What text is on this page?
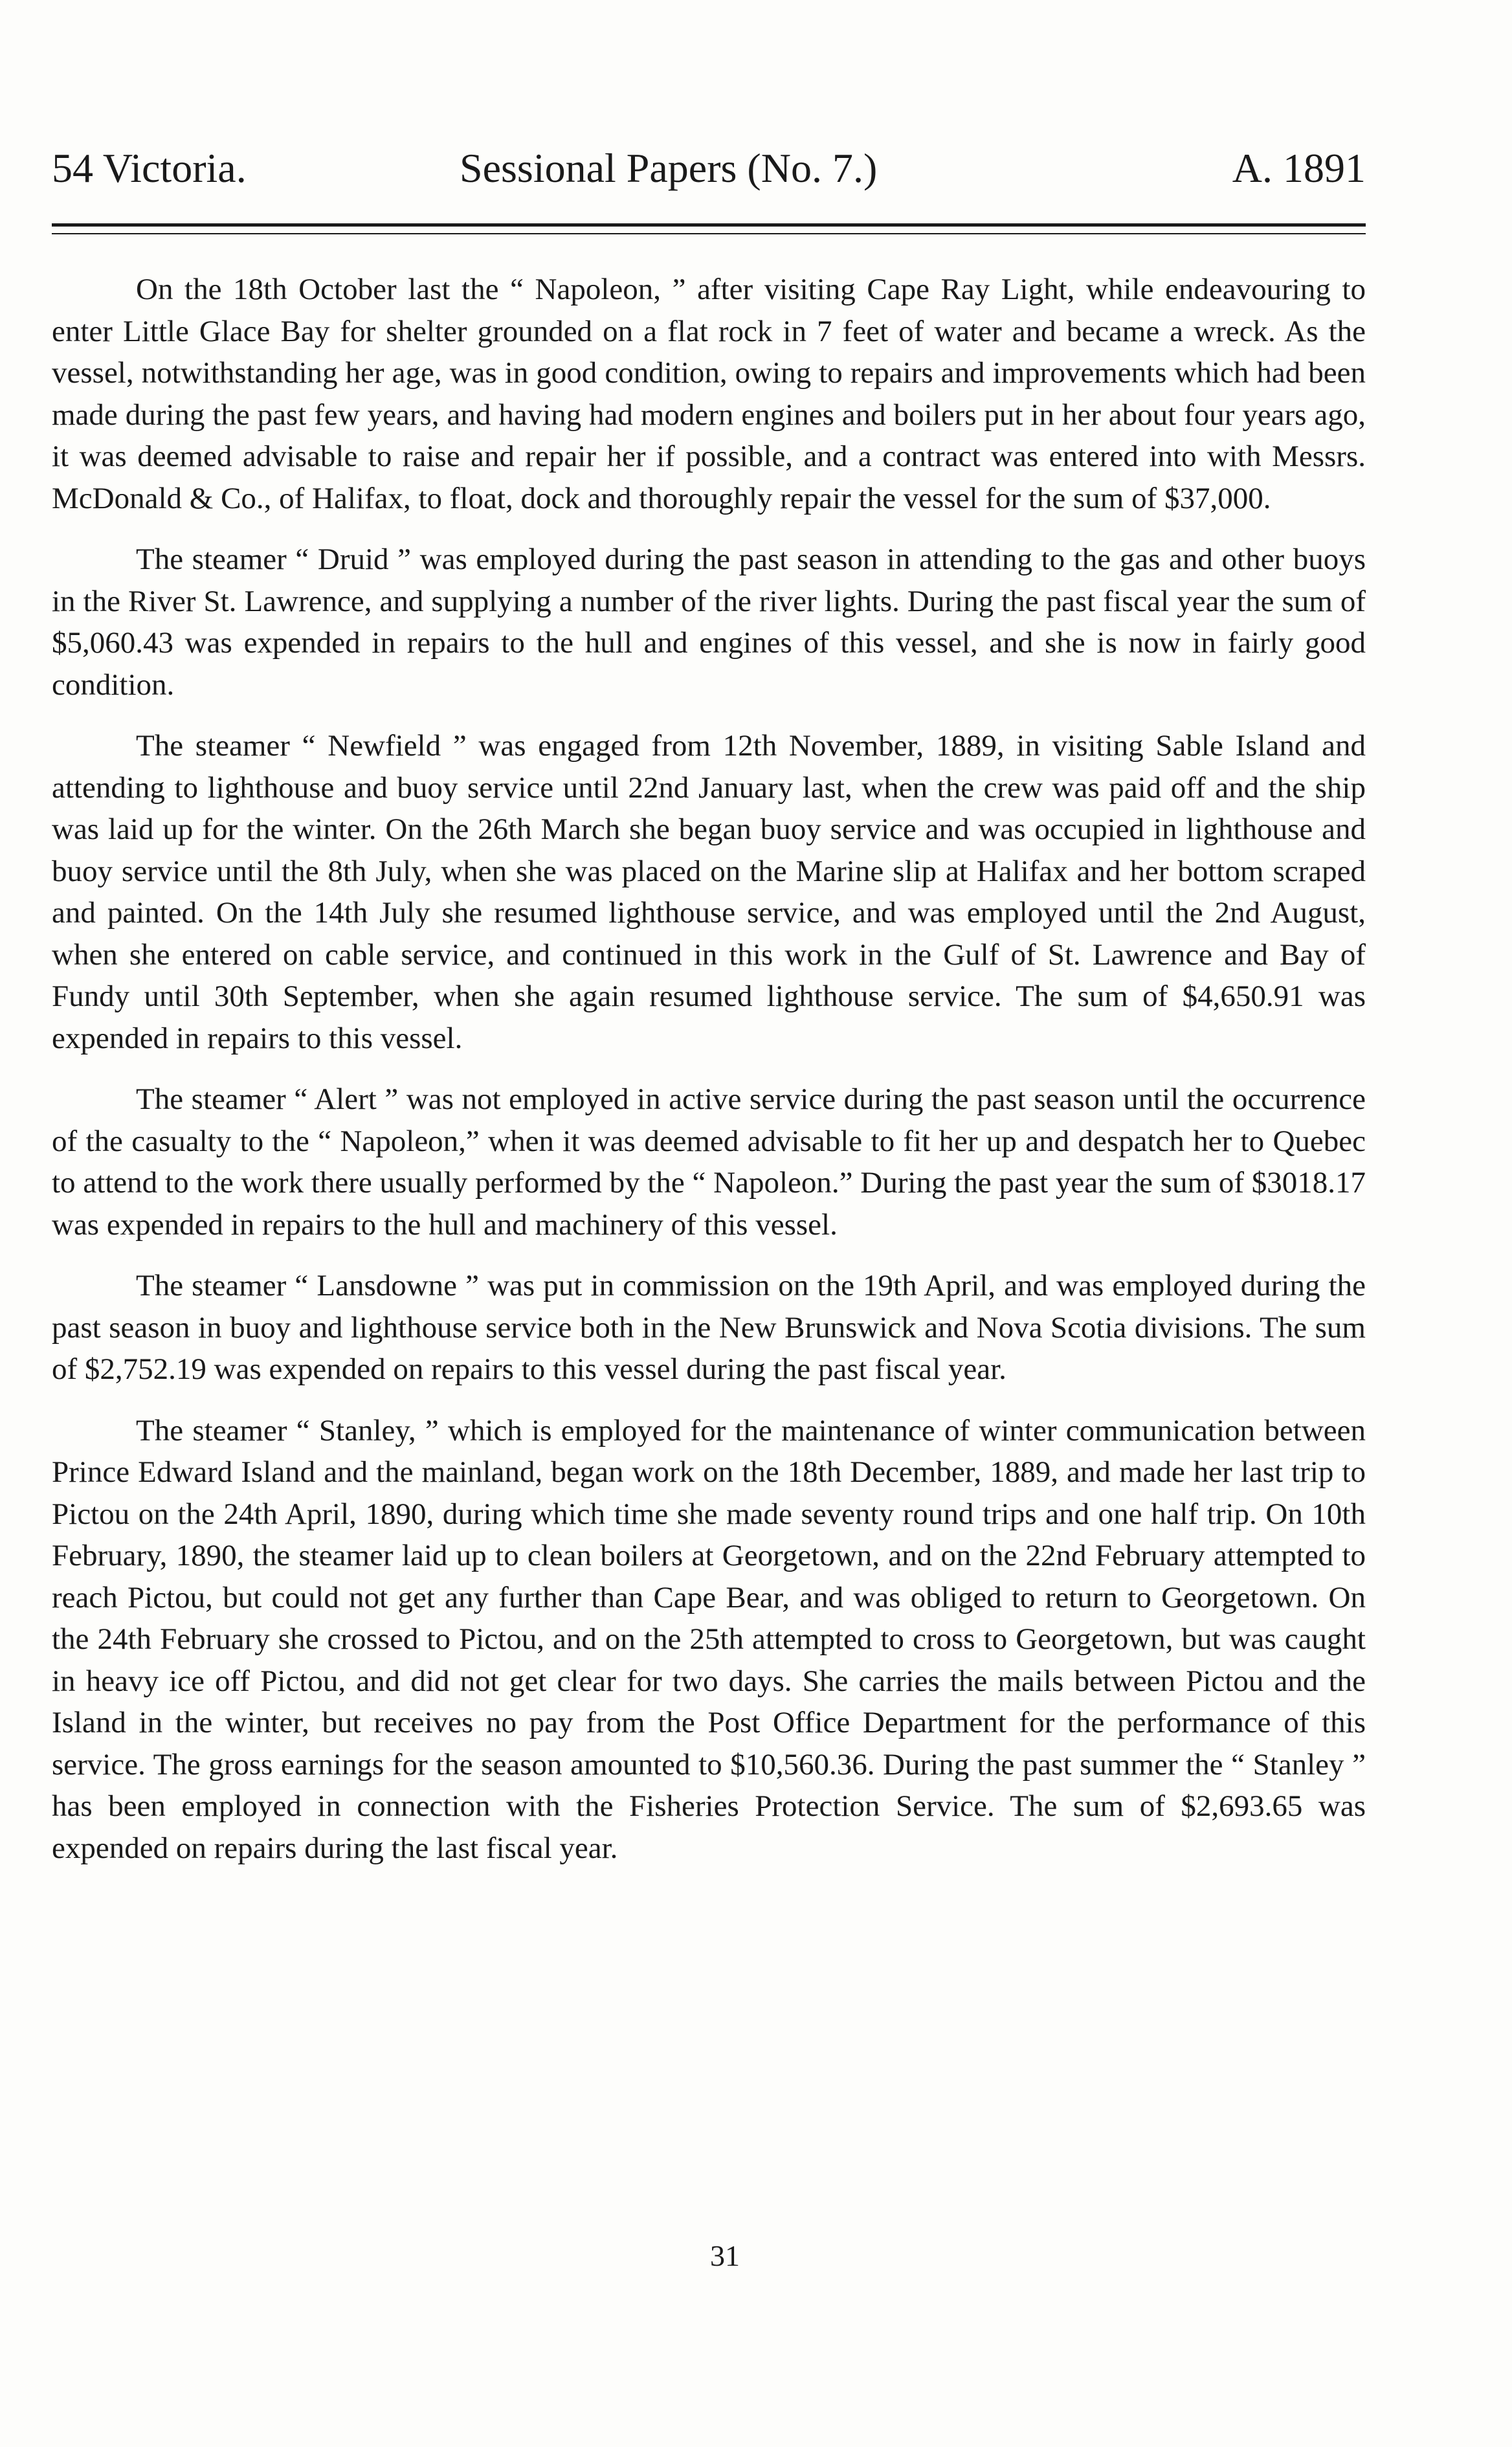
54 Victoria.	Sessional Papers (No. 7.)	A. 1891

On the 18th October last the “ Napoleon, ” after visiting Cape Ray Light, while endeavouring to enter Little Glace Bay for shelter grounded on a flat rock in 7 feet of water and became a wreck. As the vessel, notwithstanding her age, was in good condition, owing to repairs and improvements which had been made during the past few years, and having had modern engines and boilers put in her about four years ago, it was deemed advisable to raise and repair her if possible, and a contract was entered into with Messrs. McDonald & Co., of Halifax, to float, dock and thoroughly repair the vessel for the sum of $37,000.

The steamer “ Druid ” was employed during the past season in attending to the gas and other buoys in the River St. Lawrence, and supplying a number of the river lights. During the past fiscal year the sum of $5,060.43 was expended in repairs to the hull and engines of this vessel, and she is now in fairly good condition.

The steamer “ Newfield ” was engaged from 12th November, 1889, in visiting Sable Island and attending to lighthouse and buoy service until 22nd January last, when the crew was paid off and the ship was laid up for the winter. On the 26th March she began buoy service and was occupied in lighthouse and buoy service until the 8th July, when she was placed on the Marine slip at Halifax and her bottom scraped and painted. On the 14th July she resumed lighthouse service, and was employed until the 2nd August, when she entered on cable service, and continued in this work in the Gulf of St. Lawrence and Bay of Fundy until 30th September, when she again resumed lighthouse service. The sum of $4,650.91 was expended in repairs to this vessel.

The steamer “ Alert ” was not employed in active service during the past season until the occurrence of the casualty to the “ Napoleon,” when it was deemed advisable to fit her up and despatch her to Quebec to attend to the work there usually performed by the “ Napoleon.” During the past year the sum of $3018.17 was expended in repairs to the hull and machinery of this vessel.

The steamer “ Lansdowne ” was put in commission on the 19th April, and was employed during the past season in buoy and lighthouse service both in the New Brunswick and Nova Scotia divisions. The sum of $2,752.19 was expended on repairs to this vessel during the past fiscal year.

The steamer “ Stanley, ” which is employed for the maintenance of winter communication between Prince Edward Island and the mainland, began work on the 18th December, 1889, and made her last trip to Pictou on the 24th April, 1890, during which time she made seventy round trips and one half trip. On 10th February, 1890, the steamer laid up to clean boilers at Georgetown, and on the 22nd February attempted to reach Pictou, but could not get any further than Cape Bear, and was obliged to return to Georgetown. On the 24th February she crossed to Pictou, and on the 25th attempted to cross to Georgetown, but was caught in heavy ice off Pictou, and did not get clear for two days. She carries the mails between Pictou and the Island in the winter, but receives no pay from the Post Office Department for the performance of this service. The gross earnings for the season amounted to $10,560.36. During the past summer the “ Stanley ” has been employed in connection with the Fisheries Protection Service. The sum of $2,693.65 was expended on repairs during the last fiscal year.

31
